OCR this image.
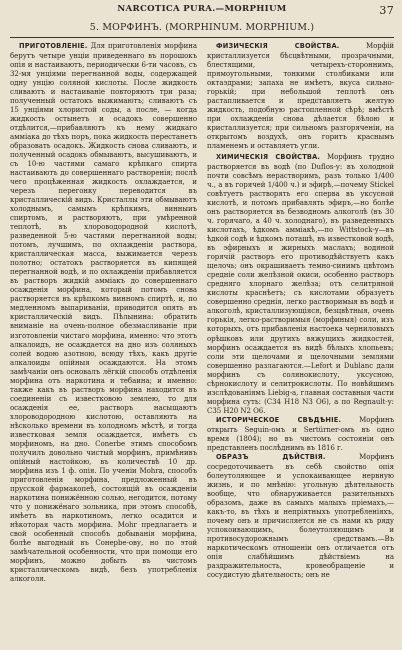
NARCOTICA PURA.—MORPHIUM	37
5. МОРФИНЪ. (MORPHINUM. MORPHIUM.)

ПРИГОТОВЛЕНІЕ. Для приготовленія морфина берутъ четыре унціи приведеннаго въ порошокъ опія и настаиваютъ, периодически 6-ти часовъ, съ 32-мя унціями перегнанной воды, содержащей одну унцію соляной кислоты. После жидкость сливаютъ и настаиваніе повторяютъ три раза; полученный остатокъ выжимаютъ; сливаютъ съ 15 унціями хлористой соды, а после, — когда жидкость остынетъ и осадокъ совершенно отдѣлится,—прибавляютъ къ нему жидкаго амміака до тѣхъ поръ, пока жидкость перестанетъ образовать осадокъ. Жидкость снова сливаютъ, и полученный осадокъ обмываютъ, высушиваютъ, и съ 10-ю частями самаго крѣпкаго спирта настаиваютъ до совершеннаго растворенія; послѣ чего процѣженная жидкость охлаждается, и черезъ перегонку переводится въ кристаллическій видъ. Кристаллы эти обмываютъ холоднымъ, самымъ крѣпкимъ, винныиъ спиртомъ, и растворяютъ, при умѣренной теплотѣ, въ хлороводородной кислотѣ, разведенной 5-ю частями перегнанной воды; потомъ, лучшимъ, по охлажденіи раствора, кристаллическая масса, выжимается черезъ полотно; остатокъ растворяется въ кипящей перегнанной водѣ, и по охлажденіи прибавляется въ растворъ жидкій амміакъ до совершеннаго осажденія морфина, который потомъ снова растворяется въ крѣпкомъ винномъ спиртѣ, и, по медленномъ выпариваніи, приводится опять въ кристаллическій видъ. Пѣлынина: обратить вниманіе на очень-полное обезмасливаніе при изготовленіи чистаго морфина, именно: что этотъ алкалоидъ, не осаждается на дно изъ соляныхъ солей водою азотною, всюду тѣхъ, какъ другіе алкалоиды опійныя осаждаются. На этомъ замѣчаніи онъ основалъ лёгкій способъ отдѣленія морфина отъ наркотина и тебаина; и именно: также какъ въ растворъ морфина находится въ соединеніи съ известковою землею, то для осажденія ее, растворъ насыщаютъ хлороводородною кислотою, оставляютъ на нѣсколько времени въ холодномъ мѣстѣ, и тогда известковая земля осаждается, имѣетъ съ морфиномъ, на дно. Conerbe этимъ способомъ получилъ довольно чистый морфинъ, примѣнивъ опійный настойкою, въ количествѣ 10 др. морфина изъ 1 ф. опія. По ученіи Моhrа, способъ приготовленія морфина, предложенный въ прусской фармакопеѣ, состоящій въ осажденіи наркотина понижённою солью, негодится, потому что у понижёнаго зольника, при этомъ способѣ, имѣетъ въ наркотиномъ, легко осадится и нѣкоторая часть морфина. Моhr предлагаетъ и свой особенный способъ добыванія морфина, болѣе выгодный въ Сoнерbe-ову, но по этой замѣчательной особенности, что при помощи его морфинъ, можно добыть въ чистомъ кристаллическомъ видѣ, безъ употребленія алкоголя.

ФИЗИЧЕСКІЯ СВОЙСТВА.	Морфій кристаллизуется бѣсцвѣтными, прозрачными, блестящими, четырехъ-стороннимъ, прямоугольными, тонкими столбиками или октаэдрами; запаха не имѣетъ, вкуса сильно-горькій; при небольшой теплотѣ онъ растапливается и представляетъ желтую жидкость, подобную растопленной сѣрѣ; вмѣстѣ при охлажденіи снова дѣлается бѣлою и кристаллизуется; при сильномъ разгоряченіи, на открытомъ воздухѣ, онъ горитъ краснымъ пламенемъ и оставляетъ угли.

ХИМИЧЕСКІЯ СВОЙСТВА. Морфинъ трудно растворяется въ водѣ (по Duflos-у: въ холодной почти совсѣмъ нерастворимъ, разъ только 1/400 ч., а въ горячей 1/400 ч.) и эфирѣ,—почему Stickel совѣтуетъ растворять его сперва въ уксусной кислотѣ, и потомъ прибавлять эфиръ,—но болѣе онъ растворяется въ безводномъ алкоголѣ (въ 30 ч. горячаго, а 40 ч. холоднаго), въ разведенныхъ кислотахъ, ѣдкомъ амміакѣ,—по Wittstock-у—въ ѣдкой содѣ и ѣдкомъ поташѣ, въ известковой водѣ, въ эфирныхъ и жирныхъ маслахъ; водяной горячій растворъ его противодѣйствуетъ какъ щелочь; онъ окрашиваетъ темно-синимъ цвѣтомъ средніе соли желѣзной окиси, особенно растворъ средняго хлорнаго желѣза; отъ селитряной кислоты краснѣетъ; съ кислотами образуетъ совершенно среднія, легко растворимыя въ водѣ и алкоголѣ, кристаллизующіяся, безцвѣтныя, очень горькія, легко-растворимыя (морфиныя) соли, изъ которыхъ, отъ прибавленія настоека черниловыхъ орѣшковъ или другихъ вяжущихъ жидкостей, морфинъ осаждается въ видѣ бѣлыхъ хлопьевъ; соли эти щелочами и щелочными землями совершенно разлагаются.—Lefort и Dublanc дали морфинъ съ солянокислоту, уксусною, сѣрнокислоту и селитрокислоты. По новѣйшимъ изслѣдованіямъ Liebig-а, главная составныя части морфина суть: (C34 H18 N3 O6), а по Regnault-у: C35 H20 N2 O6.

ИСТОРИЧЕСКОЕ СВѢДѢНІЕ.	Морфинъ открытъ Seguin-омъ и Sertürner-омъ въ одно время (1804); но въ чистомъ состояніи онъ представленъ послѣднимъ въ 1816 г.

ОБРАЗЪ ДѢЙСТВІЯ.	Морфинъ сосредоточиваетъ въ себѣ свойство опія болеутоляющее и успокаивающее нервную жизнь, и по мнѣнію: угольную дѣятельность вообще, что обнаруживается разительныхъ образомъ, даже въ самыхъ малыхъ пріемахъ,—какъ-то, въ тѣхъ и непріятныхъ употребленіяхъ, почему онъ и причисляется не съ нами къ ряду успокоивающимъ, болеутоляющимъ и противосудорожнымъ средствамъ.—Въ наркотическомъ отношеніи онъ отличается отъ опія слабѣйшимъ дѣйствіемъ на раздражительность, кровеобращеніе и сосудистую дѣятельность; онъ не
